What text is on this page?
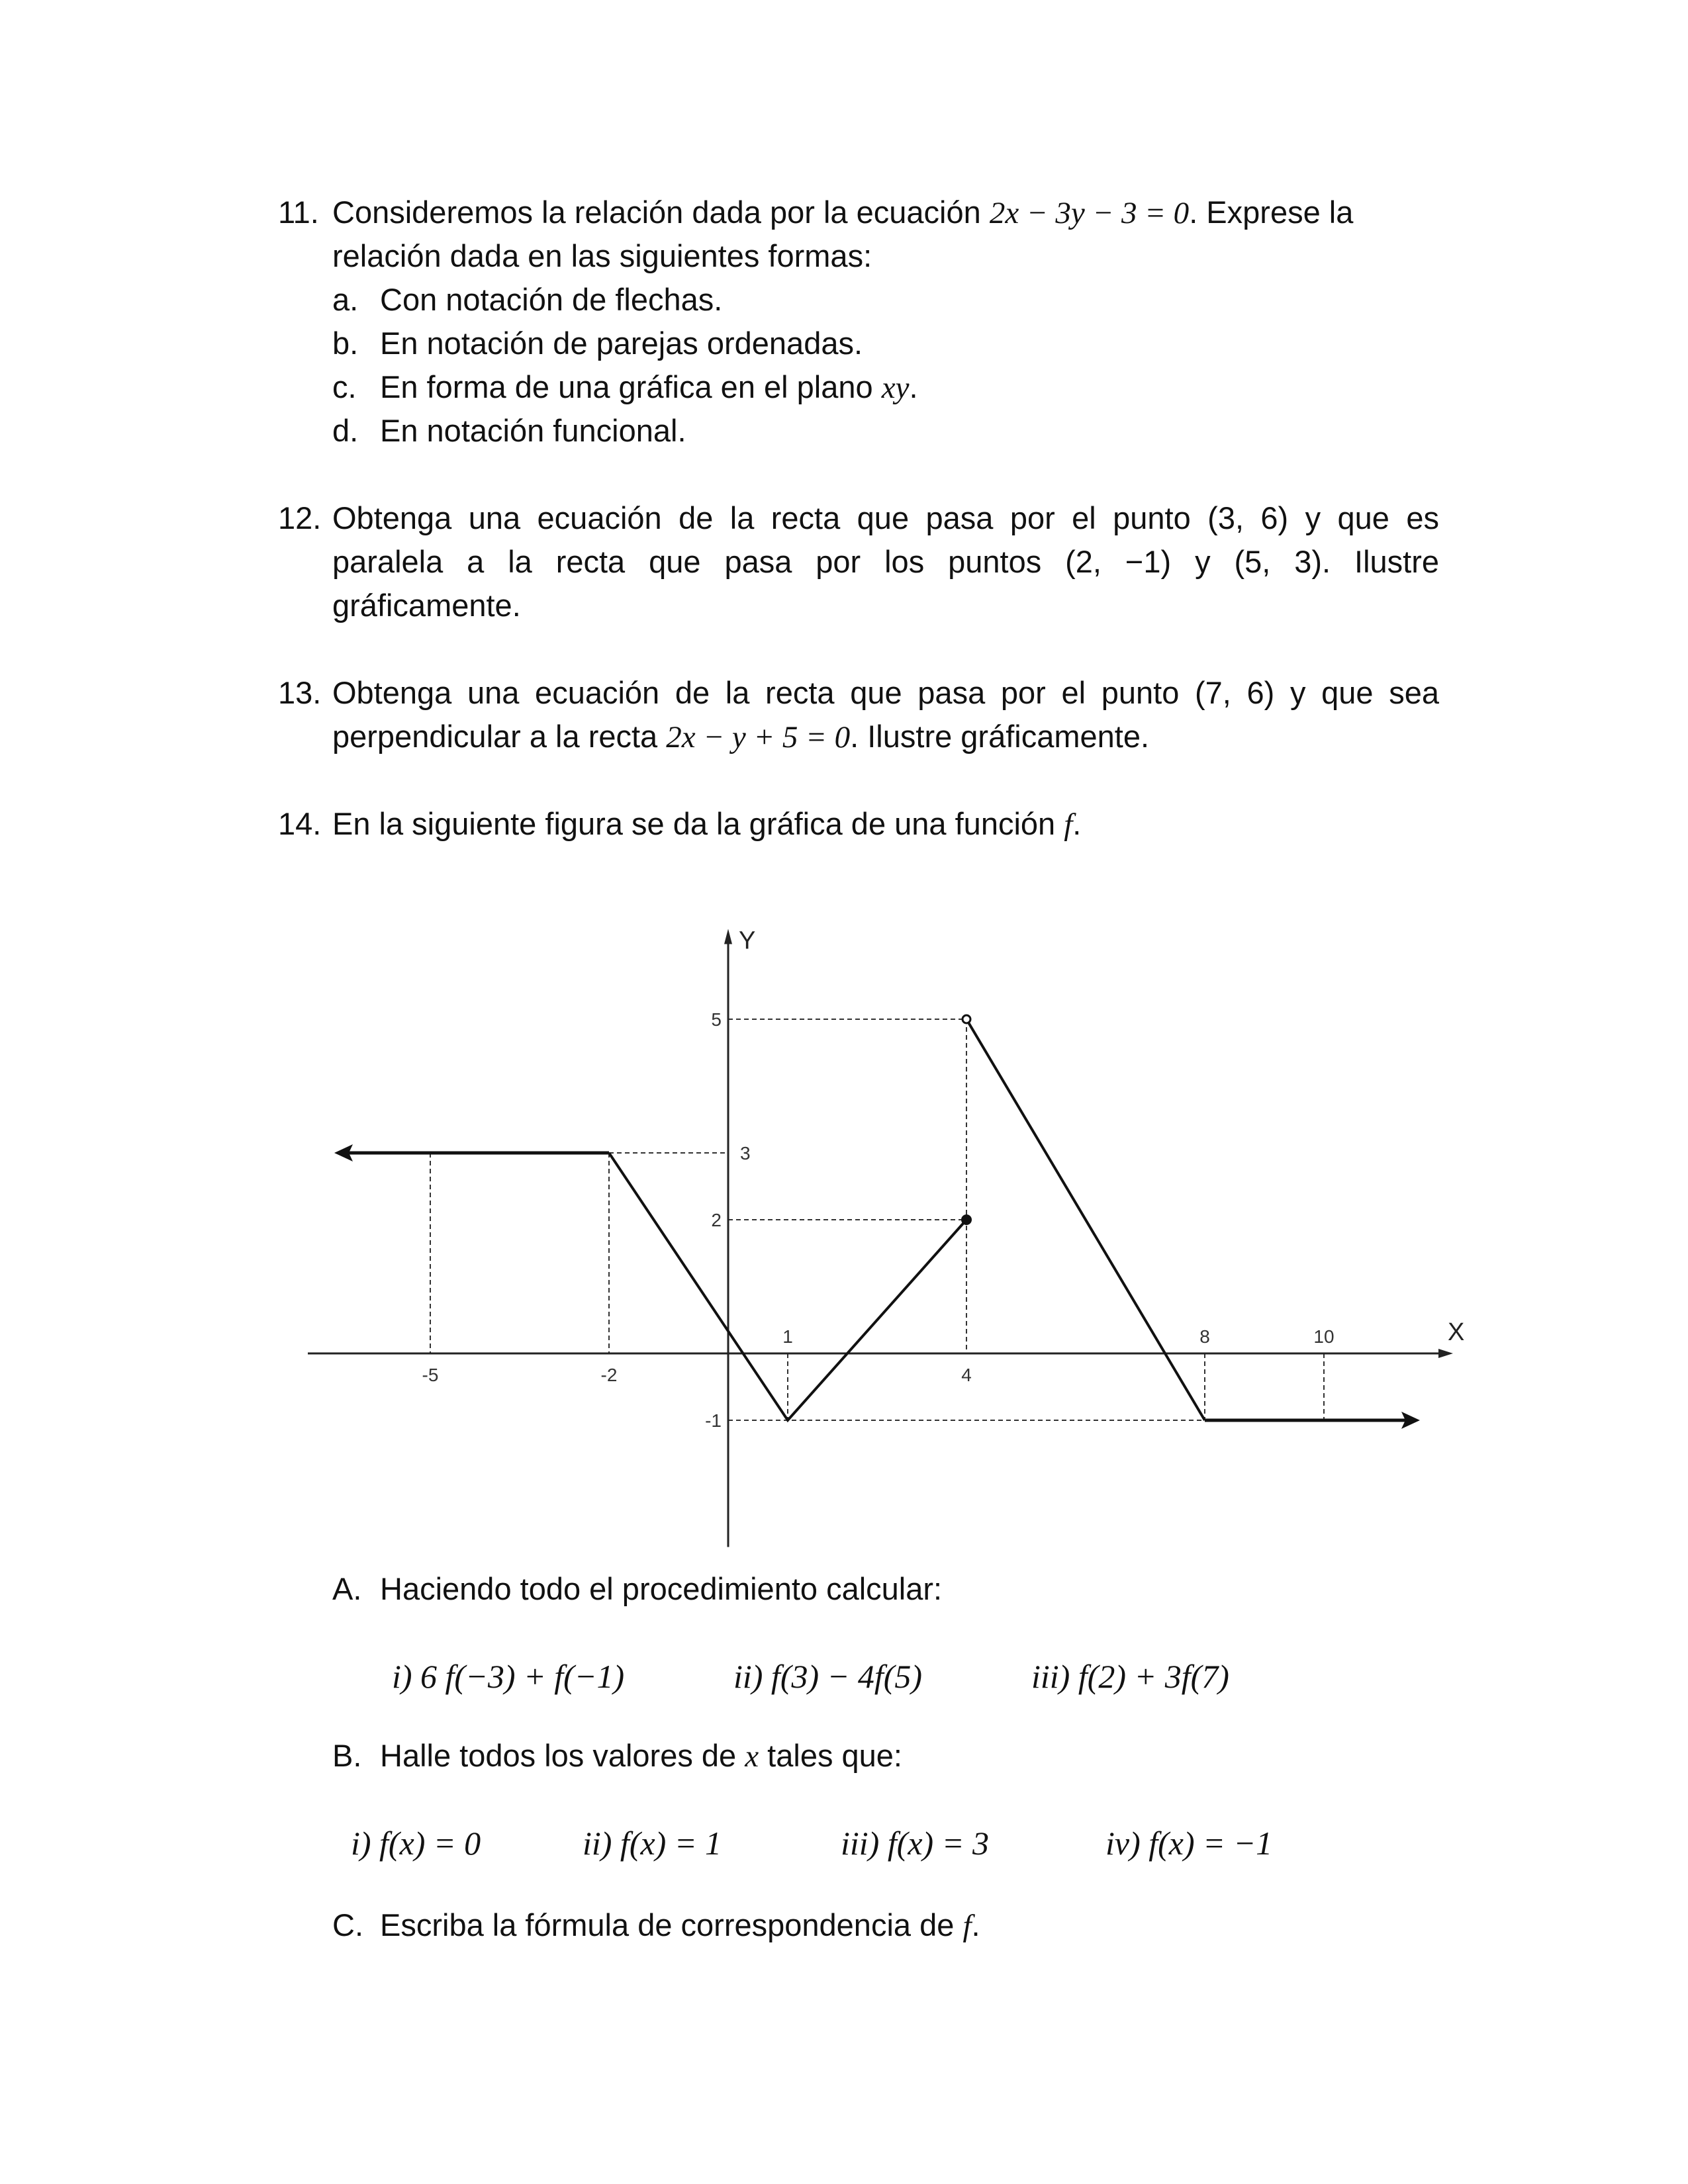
11. Consideremos la relación dada por la ecuación 2x − 3y − 3 = 0. Exprese la
relación dada en las siguientes formas:
a. Con notación de flechas.
b. En notación de parejas ordenadas.
c. En forma de una gráfica en el plano xy.
d. En notación funcional.
12. Obtenga una ecuación de la recta que pasa por el punto (3, 6) y que es
paralela a la recta que pasa por los puntos (2, −1) y (5, 3). Ilustre
gráficamente.
13. Obtenga una ecuación de la recta que pasa por el punto (7, 6) y que sea
perpendicular a la recta 2x − y + 5 = 0. Ilustre gráficamente.
14. En la siguiente figura se da la gráfica de una función f.
X
Y
-5	-2
1
4
8	10
5
3
2
-1
A. Haciendo todo el procedimiento calcular:
i) 6 f(−3) + f(−1)	ii) f(3) − 4f(5)	iii) f(2) + 3f(7)
B. Halle todos los valores de x tales que:
i) f(x) = 0	ii) f(x) = 1	iii) f(x) = 3	iv) f(x) = −1
C. Escriba la fórmula de correspondencia de f.
